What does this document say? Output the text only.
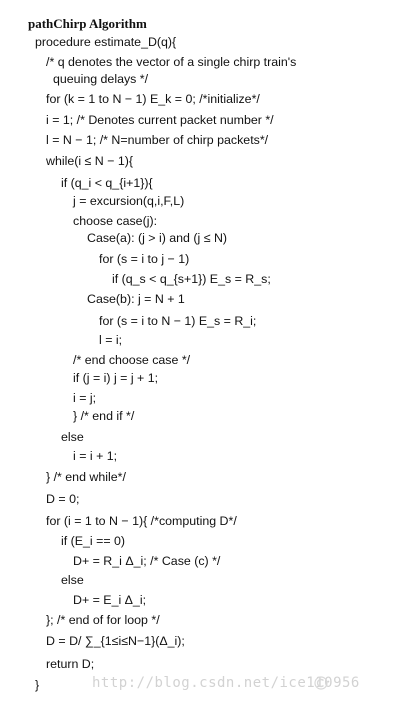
pathChirp Algorithm
procedure estimate_D(q){
/* q denotes the vector of a single chirp train's
queuing delays */
for (k = 1 to N − 1) E_k = 0; /*initialize*/
i = 1; /* Denotes current packet number */
l = N − 1; /* N=number of chirp packets*/
while(i ≤ N − 1){
if (q_i < q_{i+1}){
j = excursion(q,i,F,L)
choose case(j):
Case(a): (j > i) and (j ≤ N)
for (s = i to j − 1)
if (q_s < q_{s+1}) E_s = R_s;
Case(b): j = N + 1
for (s = i to N − 1) E_s = R_i;
l = i;
/* end choose case */
if (j = i) j = j + 1;
i = j;
} /* end if */
else
i = i + 1;
} /* end while*/
D = 0;
for (i = 1 to N − 1){ /*computing D*/
if (E_i == 0)
D+ = R_i Δ_i; /* Case (c) */
else
D+ = E_i Δ_i;
}; /* end of for loop */
D = D/ ∑_{1≤i≤N−1}(Δ_i);
return D;
}	http://blog.csdn.net/ice110956
